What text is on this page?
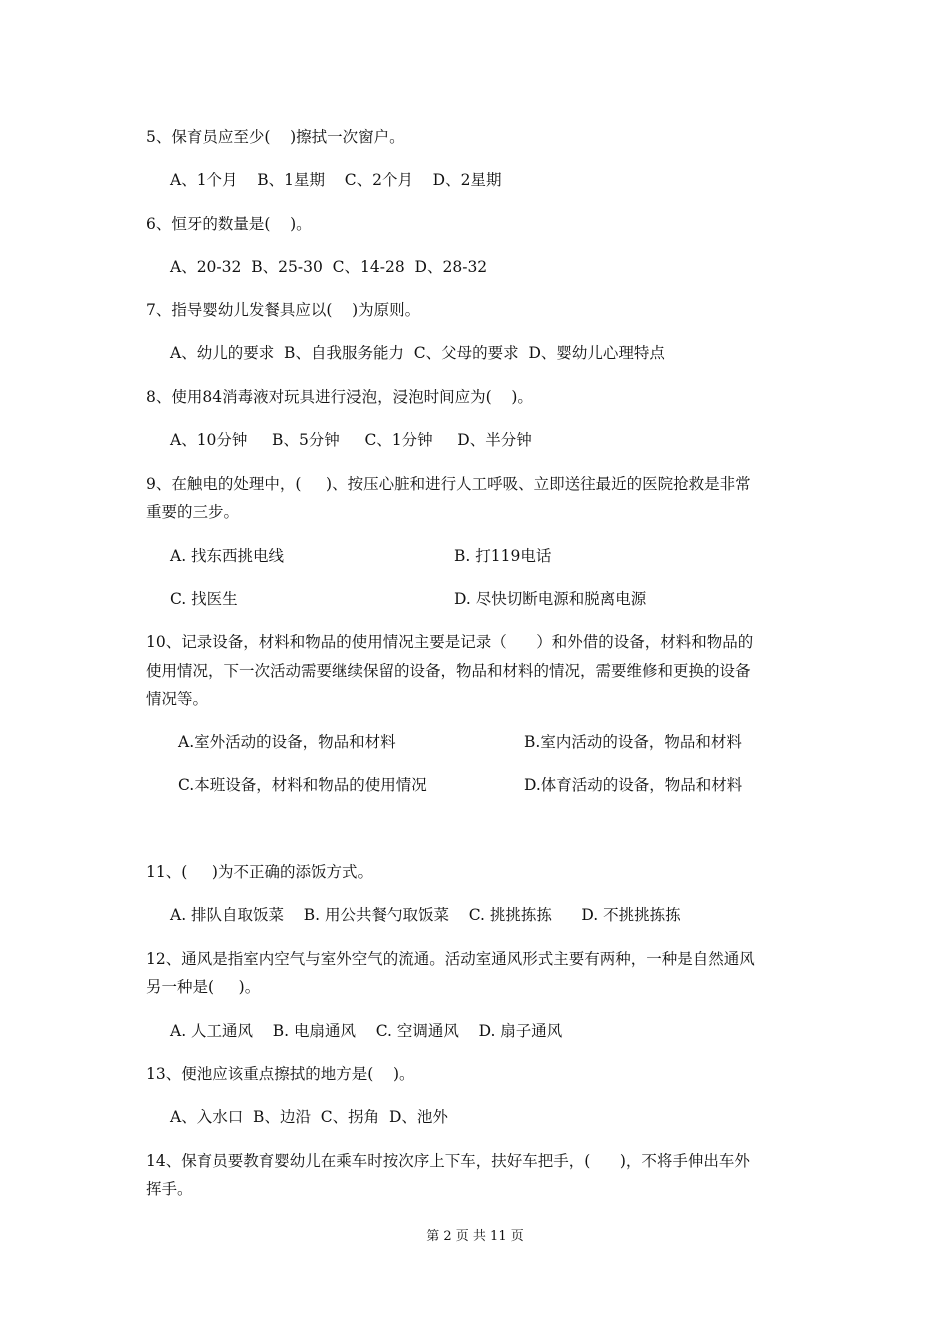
5、保育员应至少(    )擦拭一次窗户。
A、1个月    B、1星期    C、2个月    D、2星期
6、恒牙的数量是(    )。
A、20-32  B、25-30  C、14-28  D、28-32
7、指导婴幼儿发餐具应以(    )为原则。
A、幼儿的要求  B、自我服务能力  C、父母的要求  D、婴幼儿心理特点
8、使用84消毒液对玩具进行浸泡，浸泡时间应为(    )。
A、10分钟     B、5分钟     C、1分钟     D、半分钟
9、在触电的处理中，(     )、按压心脏和进行人工呼吸、立即送往最近的医院抢救是非常
重要的三步。
A. 找东西挑电线	B. 打119电话
C. 找医生	D. 尽快切断电源和脱离电源
10、记录设备，材料和物品的使用情况主要是记录（      ）和外借的设备，材料和物品的
使用情况，下一次活动需要继续保留的设备，物品和材料的情况，需要维修和更换的设备
情况等。
A.室外活动的设备，物品和材料	B.室内活动的设备，物品和材料
C.本班设备，材料和物品的使用情况	D.体育活动的设备，物品和材料
11、(     )为不正确的添饭方式。
A. 排队自取饭菜    B. 用公共餐勺取饭菜    C. 挑挑拣拣      D. 不挑挑拣拣
12、通风是指室内空气与室外空气的流通。活动室通风形式主要有两种，一种是自然通风
另一种是(     )。
A. 人工通风    B. 电扇通风    C. 空调通风    D. 扇子通风
13、便池应该重点擦拭的地方是(    )。
A、入水口  B、边沿  C、拐角  D、池外
14、保育员要教育婴幼儿在乘车时按次序上下车，扶好车把手，(      )，不将手伸出车外
挥手。
第 2 页 共 11 页
